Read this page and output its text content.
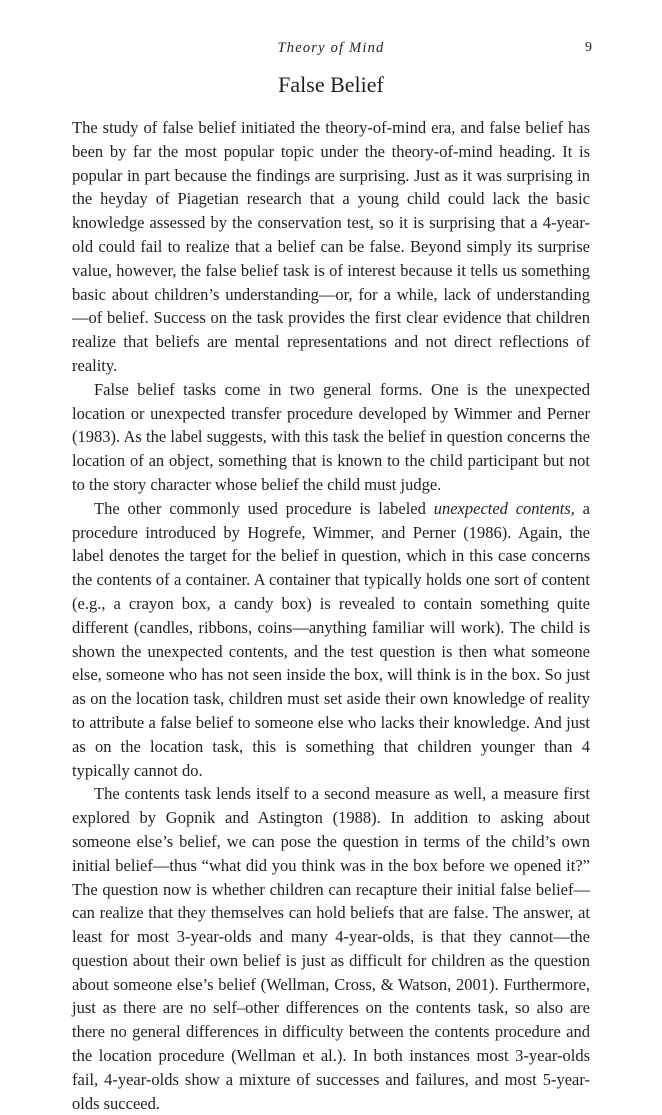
Theory of Mind	9
False Belief

The study of false belief initiated the theory-of-mind era, and false belief has been by far the most popular topic under the theory-of-mind heading. It is popular in part because the findings are surprising. Just as it was surprising in the heyday of Piagetian research that a young child could lack the basic knowledge assessed by the conservation test, so it is surprising that a 4-year-old could fail to realize that a belief can be false. Beyond simply its surprise value, however, the false belief task is of interest because it tells us something basic about children’s understanding—or, for a while, lack of understanding—of belief. Success on the task provides the first clear evidence that children realize that beliefs are mental representations and not direct reflections of reality.

False belief tasks come in two general forms. One is the unexpected location or unexpected transfer procedure developed by Wimmer and Perner (1983). As the label suggests, with this task the belief in question concerns the location of an object, something that is known to the child participant but not to the story character whose belief the child must judge.

The other commonly used procedure is labeled unexpected contents, a procedure introduced by Hogrefe, Wimmer, and Perner (1986). Again, the label denotes the target for the belief in question, which in this case concerns the contents of a container. A container that typically holds one sort of content (e.g., a crayon box, a candy box) is revealed to contain something quite different (candles, ribbons, coins—anything familiar will work). The child is shown the unexpected contents, and the test question is then what someone else, someone who has not seen inside the box, will think is in the box. So just as on the location task, children must set aside their own knowledge of reality to attribute a false belief to someone else who lacks their knowledge. And just as on the location task, this is something that children younger than 4 typically cannot do.

The contents task lends itself to a second measure as well, a measure first explored by Gopnik and Astington (1988). In addition to asking about someone else’s belief, we can pose the question in terms of the child’s own initial belief—thus “what did you think was in the box before we opened it?” The question now is whether children can recapture their initial false belief—can realize that they themselves can hold beliefs that are false. The answer, at least for most 3-year-olds and many 4-year-olds, is that they cannot—the question about their own belief is just as difficult for children as the question about someone else’s belief (Wellman, Cross, & Watson, 2001). Furthermore, just as there are no self–other differences on the contents task, so also are there no general differences in difficulty between the contents procedure and the location procedure (Wellman et al.). In both instances most 3-year-olds fail, 4-year-olds show a mixture of successes and failures, and most 5-year-olds succeed.
